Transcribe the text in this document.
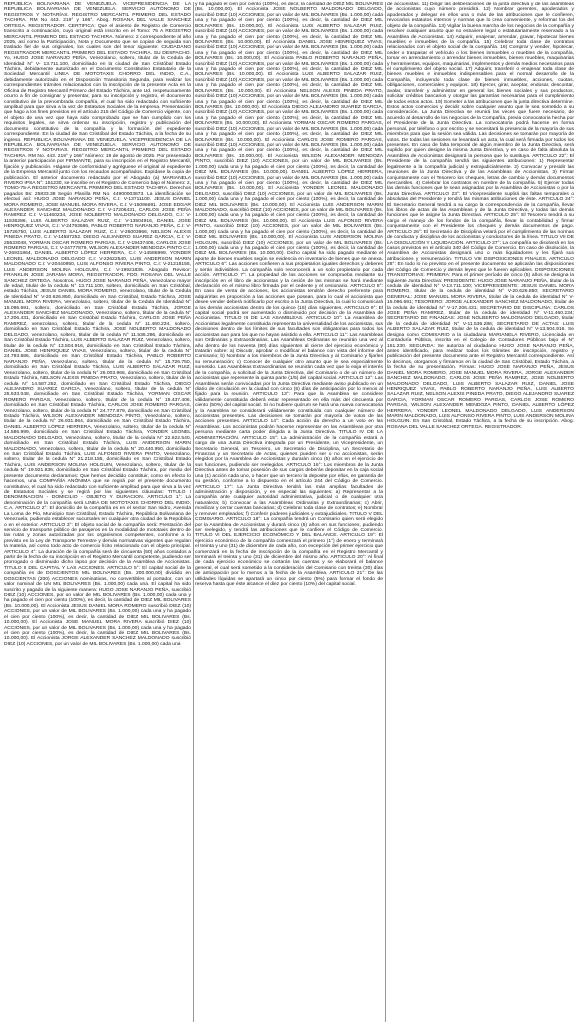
REPUBLICA BOLIVARIANA DE VENEZUELA. VICEPRESIDENCIA DE LA REPUBLICA BOLIVARIANA DE VENEZUELA. SERVICIO AUTÓNOMO DE REGISTROS Y NOTARÍAS. REGISTRO MERCANTIL PRIMERO DEL ESTADO TACHIRA. RM No 443. 219° y 166°. Abog. ROSANA DEL VALLE SANCHEZ ORTEGA. REGISTRADOR. CERTIFICA: Que el asiento de Registro de Comercio transcrito a continuación, cuyo original está inscrito en el Tomo: 75 A REGISTRO MERCANTIL PRIMERO DEL ESTADO TACHIRA. Número: 2 correspondiente al año 2025, así como la Participación, Nota y Documento que se copian de seguida son traslado fiel de sus originales, los cuales son del tenor siguiente: CIUDADANO REGISTRADOR MERCANTIL PRIMERO DEL ESTADO TACHIRA. SU DESPACHO. Yo, HUGO JOSE NARANJO PEÑA, Venezolano, soltero, titular de la Cedula de Identidad N° V- 13.711.100, domiciliado en la ciudad de San Cristóbal Estado Táchira, debidamente autorizado en el Documento Constitutivo Estatutario de la Sociedad Mercantil LINEA DE MOTOTAXIS CHORRO DEL INDIO, C.A., debidamente autorizado en el Disposición Transitoria Segunda, para realizar los correspondientes trámites relacionados con la inscripción de la presente Acta en la Oficina de Registro Mercantil Primero del Estado Táchira, ante Ud. respetuosamente ocurro a fin de consignar y presentar, para su inscripción y registro, el documento constitutivo de la prenombrada compañía, el cual ha sido redactado con suficiente amplitud para que sirva a la vez de Estatutos Sociales de la empresa. Presentación que hago a los fines previstos en el artículo 215 del Código de Comercio vigente, con el objeto de una vez que haya sido comprobado que se han cumplido con los requisitos legales, se sirva ordenar su inscripción, registro y publicación del documento constitutivo de la compañía y la formación del expediente correspondiente. En la ciudad de San Cristóbal del Estado Táchira, a la fecha de su ingreso. REPUBLICA BOLIVARIANA DE VENEZUELA. VICEPRESIDENCIA DE LA REPUBLICA BOLIVARIANA DE VENEZUELA. SERVICIO AUTONOMO DE REGISTROS Y NOTARIAS. REGISTRO MERCANTIL PRIMERO DEL ESTADO TACHIRA. RM No. 443. 219° y 166° Número: 19 de agosto de 2025. Por presentado la anterior participación por FIRMANTE, para su inscripción en el Registro Mercantil, fijación y publicación. Hágase de conformidad y agréguese el original al expediente de la Empresa Mercantil junto con los recaudos acompañados. Expídase la copia de publicación. El anterior documento redactado por el Abogado (a) MARIANELA RIVERO IPSA N°: 151230, se inscribe en el Registro de Comercio bajo el Número: 2, TOMO-75-A REGISTRO MERCANTIL PRIMERO DEL ESTADO TACHIRA. Derechos pagados Bs: 25833.38 Según Planilla RM No. 44900003873. La identificación se efectuó así: HUGO JOSE NARANJO PEÑA, C.I: V-13711100. JESUS DANIEL MORA ROMERO, JOSE MANUEL MORA RIVERA, C.I: V-15096691. JOSE EDGAR ALEXANDER SANCHEZ MALDONADO C.I: V-17206431, CARLOS JOSE PEÑA RAMIREZ C.I: V-11460234, JOSE NOLBERTO MALDONADO DELGADO, C.I: V-11536286, LUIS ALBERTO SALAZAR RUIZ, C.I: V-13504916, DANIEL JOSE HENRIQUEZ VIVAS, C.I: V-24793686, PABLO ROBERTO NARANJO PEÑA, C.I: V-15726750, LUIS ALBERTO SALAZAR RUIZ, C.I: V-26003966, NELSON ALEXIS PINEDA PRATO, C.I: V-14587252. DIEGO ALEJANDRO SUAREZ GARCIA, C.I: V-25533048, YORMAN OSCAR ROMERO PARGAS, C.I: V-19437406, CARLOS JOSE ROMERO PARGAS, C.I: V-24777879, WILSON ALEXANDER MENDOZA PINTO C.I: V-26931864, DANIEL ALBERTO LÓPEZ HERRERA, C.I: V-14586999, YONDER LEONEL MALDONADO DELGADO C.I: V-22622540, LUIS ANDERSON MARIN MALDONADO C.I: V-20440950, LUIS ALFONSO RIVERA PINTO, C.I: V-21218155, LUIS ANDERSON MOLINA HOLGUIN, C.I: V-19921836. Abogado Revisor: FRANKLIN JOSE JARAMA MORA, REGISTRADOR, FDO. ROSANA DEL VALLE SANCHEZ ORTEGA. Nosotros, HUGO JOSE NARANJO PEÑA, Venezolano mayor de edad, titular de la cedula N° 13.711.100, soltero, domiciliado en San Cristóbal, estado Táchira, JESUS DANIEL MORA ROMERO, venezolano, titular de la Cedula de Identidad N° V-20.626.850, domiciliado en San Cristóbal, Estado Táchira, JOSE MANUEL MORA RIVERA, Venezolano, soltero, titular de la Cedula de Identidad N° 15.096.691, soltero, domiciliado en San Cristóbal Estado Táchira, JORGE ALEXANDER SANCHEZ MALDONADO, Venezolano, soltero, titular de la cedula N° 17.206.431, domiciliado en San Cristóbal Estado Táchira, CARLOS JOSE PEÑA RAMIREZ, venezolano, soltero, titular de la cedula N° 11.460.234, soltero, domiciliado en San Cristóbal Estado Táchira, JOSE NOLBERTO MALDONADO DELGADO, venezolano, soltero, titular de la cedula N° 11.536.286, domiciliado en San Cristóbal Estado Táchira, LUIS ALBERTO SALAZAR RUIZ, Venezolano, soltero, titular de la cedula N° 13.504.916, domiciliado en San Cristóbal Estado Táchira, DANIEL JOSE HENRIQUEZ VIVAS, Venezolano, soltero, titular de la cedula N° 24.793.686, domiciliado en San Cristóbal Estado Táchira, PABLO ROBERTO NARANJO PEÑA, Venezolano, soltero, titular de la cedula N° 15.726.750, domiciliado en San Cristóbal Estado Táchira, LUIS ALBERTO SALAZAR RUIZ, Venezolano, soltero, titular de la cedula N° 26.003.966, domiciliado en San Cristóbal Estado Táchira, NELSON ALEXIS PINEDA PRATO, Venezolano, soltero, titular de la cedula N° 14.587.252, domiciliado en San Cristóbal Estado Táchira, DIEGO ALEJANDRO SUAREZ GARCIA, Venezolano, soltero, titular de la cedula N° 25.533.048, domiciliado en San Cristóbal Estado Táchira, YORMAN OSCAR ROMERO PARGAS, Venezolano, soltero, titular de la cedula N° 19.437.406, domiciliado en San Cristóbal Estado Táchira, CARLOS JOSE ROMERO PARGAS, Venezolano, soltero, titular de la cedula N° 24.777.879, domiciliado en San Cristóbal Estado Táchira, WILSON ALEXANDER MENDOZA PINTO, Venezolano, soltero, titular de la cedula N° 26.931.864, domiciliado en San Cristóbal Estado Táchira, DANIEL ALBERTO LÓPEZ HERRERA, Venezolano, soltero, titular de la cedula N° 14.586.999, domiciliado en San Cristóbal Estado Táchira, YONDER LEONEL MALDONADO DELGADO, Venezolano, soltero, titular de la cedula N° 22.622.540, domiciliado en San Cristóbal Estado Táchira, LUIS ANDERSON MARIN MALDONADO, Venezolano, soltero, titular de la cedula N° 20.440.950, domiciliado en San Cristóbal Estado Táchira, LUIS ALFONSO RIVERA PINTO, Venezolano, soltero, titular de la cedula N° 21.218.155, domiciliado en San Cristóbal Estado Táchira, LUIS ANDERSON MOLINA HOLGUIN, Venezolano, soltero, titular de la cedula N° 19.921.836, domiciliado en San Cristóbal Estado Táchira, por medio del presente documento declaramos: Que hemos decidido constituir, como en efecto lo hacemos, una COMPAÑÍA ANÓNIMA que se regirá por el presente documento constitutivo, el cual ha sido redactado con suficiente amplitud para que sirva a la vez de Estatutos Sociales y se regirá por las siguientes cláusulas: TITULO I DENOMINACION - DOMICILIO - OBJETO Y DURACION. ARTICULO 1°: La denominación de la compañía será LINEA DE MOTOTAXIS CHORRO DEL INDIO, C.A. ARTICULO 2°: El domicilio de la compañía es en el sector San Isidro, Avenida La Loma de Pío, Municipio San Cristóbal, Estado Táchira, República Bolivariana de Venezuela, pudiendo establecer sucursales en cualquier otra ciudad de la República o en el exterior. ARTICULO 3°: El objeto social de la compañía será: Prestación del servicio de transporte público de pasajeros en la modalidad de mototaxis dentro de las rutas y zonas autorizadas por los organismos competentes, conforme a lo previsto en la Ley de Transporte Terrestre y demás normativas vigentes que regulan la materia, así como todo acto de comercio lícito relacionado con el objeto principal. ARTICULO 4°: La duración de la compañía será de cincuenta (50) años contados a partir de la fecha de su inscripción en el Registro Mercantil competente, pudiendo ser prorrogado o disminuido dicho lapso por decisión de la Asamblea de Accionistas. TITULO II DEL CAPITAL Y LAS ACCIONES. ARTICULO 5°: El capital social de la compañía es de DOSCIENTOS MIL BOLIVARES (Bs. 200.000,00) dividido en DOSCIENTAS (200) ACCIONES nominativas, no convertibles al portador, con un valor nominal de UN MIL BOLIVARES (Bs. 1.000,00) cada una. El capital ha sido suscrito y pagado de la siguiente manera: HUGO JOSE NARANJO PEÑA, suscribió DIEZ (10) ACCIONES, por un valor de MIL BOLIVARES (Bs. 1.000,00) cada una y ha pagado el cien por ciento (100%), es decir, la cantidad de DIEZ MIL BOLIVARES (Bs. 10.000,00). El Accionista JESUS DANIEL MORA ROMERO suscribió DIEZ (10) ACCIONES, por un valor de MIL BOLIVARES (Bs. 1.000,00) cada una y ha pagado el cien por ciento (100%), es decir, la cantidad de DIEZ MIL BOLIVARES (Bs. 10.000,00). El Accionista JOSE MANUEL MORA RIVERA suscribió DIEZ (10) ACCIONES, por un valor de MIL BOLIVARES (Bs. 1.000,00) cada una y ha pagado el cien por ciento (100%), es decir, la cantidad de DIEZ MIL BOLIVARES (Bs. 10.000,00). El Accionista JORGE ALEXANDER SANCHEZ MALDONADO suscribió DIEZ (10) ACCIONES, por un valor de MIL BOLIVARES (Bs. 1.000,00) cada una

y ha pagado el cien por ciento (100%), es decir, la cantidad de DIEZ MIL BOLIVARES (Bs. 10.000,00). El Accionista JOSE NOLBERTO MALDONADO DELGADO, suscribió DIEZ (10) ACCIONES, por un valor de MIL BOLIVARES (Bs. 1.000,00) cada una y ha pagado el cien por ciento (100%), es decir, la cantidad de DIEZ MIL BOLIVARES (Bs. 10.000,00). El Accionista LUIS ALBERTO SALAZAR RUIZ, suscribió DIEZ (10) ACCIONES, por un valor de MIL BOLIVARES (Bs. 1.000,00) cada una y ha pagado el cien por ciento (100%), es decir, la cantidad de DIEZ MIL BOLIVARES (Bs. 10.000,00). El Accionista DANIEL JOSE HENRIQUEZ VIVAS, suscribió DIEZ (10) ACCIONES, por un valor de MIL BOLIVARES (Bs. 1.000,00) cada una y ha pagado el cien por ciento (100%), es decir, la cantidad de DIEZ MIL BOLIVARES (Bs. 10.000,00). El Accionista PABLO ROBERTO NARANJO PEÑA, suscribió DIEZ (10) ACCIONES, por un valor de MIL BOLIVARES (Bs. 1.000,00) cada una y ha pagado el cien por ciento (100%), es decir, la cantidad de DIEZ MIL BOLIVARES (Bs. 10.000,00). El Accionista LUIS ALBERTO SALAZAR RUIZ, suscribió DIEZ (10) ACCIONES, por un valor de MIL BOLIVARES (Bs. 1.000,00) cada una y ha pagado el cien por ciento (100%), es decir, la cantidad de DIEZ MIL BOLIVARES (Bs. 10.000,00). El Accionista NELSON ALEXIS PINEDA PRATO, suscribió DIEZ (10) ACCIONES, por un valor de MIL BOLIVARES (Bs. 1.000,00) cada una y ha pagado el cien por ciento (100%), es decir, la cantidad de DIEZ MIL BOLIVARES (Bs. 10.000,00). El Accionista DIEGO ALEJANDRO SUAREZ GARCIA, suscribió DIEZ (10) ACCIONES, por un valor de MIL BOLIVARES (Bs. 1.000,00) cada una y ha pagado el cien por ciento (100%), es decir, la cantidad de DIEZ MIL BOLIVARES (Bs. 10.000,00). El Accionista YORMAN OSCAR ROMERO PARGAS, suscribió DIEZ (10) ACCIONES, por un valor de MIL BOLIVARES (Bs. 1.000,00) cada una y ha pagado el cien por ciento (100%), es decir, la cantidad de DIEZ MIL BOLIVARES (Bs. 10.000,00). El Accionista CARLOS JOSE ROMERO PARGAS, suscribió DIEZ (10) ACCIONES, por un valor de MIL BOLIVARES (Bs. 1.000,00) cada una y ha pagado el cien por ciento (100%), es decir, la cantidad de DIEZ MIL BOLIVARES (Bs. 10.000,00). El Accionista WILSON ALEXANDER MENDOZA PINTO, suscribió DIEZ (10) ACCIONES, por un valor de MIL BOLIVARES (Bs. 1.000,00) cada una y ha pagado el cien por ciento (100%), es decir, la cantidad de DIEZ MIL BOLIVARES (Bs. 10.000,00). DANIEL ALBERTO LÓPEZ HERRERA, suscribió DIEZ (10) ACCIONES, por un valor de MIL BOLIVARES (Bs. 1.000,00) cada una y ha pagado el cien por ciento (100%), es decir, la cantidad de DIEZ MIL BOLIVARES (Bs. 10.000,00). El Accionista YONDER LEONEL MALDONADO DELGADO, suscribió DIEZ (10) ACCIONES, por un valor de MIL BOLIVARES (Bs. 1.000,00) cada una y ha pagado el cien por ciento (100%), es decir, la cantidad de DIEZ MIL BOLIVARES (Bs. 10.000,00). El Accionista LUIS ANDERSON MARIN MALDONADO, suscribió DIEZ (10) ACCIONES, por un valor de MIL BOLIVARES (Bs. 1.000,00) cada una y ha pagado el cien por ciento (100%), es decir, la cantidad de DIEZ MIL BOLIVARES (Bs. 10.000,00). El Accionista LUIS ALFONSO RIVERA PINTO, suscribió DIEZ (10) ACCIONES, por un valor de MIL BOLIVARES (Bs. 1.000,00) cada una y ha pagado el cien por ciento (100%), es decir, la cantidad de DIEZ MIL BOLIVARES (Bs. 10.000,00). El Accionista LUIS ANDERSON MOLINA HOLGUIN, suscribió DIEZ (10) ACCIONES, por un valor de MIL BOLIVARES (Bs. 1.000,00) cada una y ha pagado el cien por ciento (100%), es decir, la cantidad de DIEZ MIL BOLIVARES (Bs. 10.000,00). Dicho capital ha sido pagado mediante el aporte de bienes muebles según se evidencia en inventario de bienes que se anexa. ARTICULO 6°: Las acciones confieren a sus propietarios iguales derechos y deberes y serán indivisibles. La compañía solo reconocerá a un solo propietario por cada acción. ARTICULO 7°: La propiedad de las acciones se comprueba mediante su inscripción en el libro de accionistas y la cesión de las mismas se hará mediante declaración en el mismo libro firmada por el cedente y el cesionario. ARTICULO 8°: En caso de venta de acciones, los accionistas tendrán derecho preferente para adquirirlas en proporción a las acciones que posean, para lo cual el accionista que desee vender deberá notificarlo por escrito a la Junta Directiva, la cual lo comunicará a los demás accionistas dentro de los quince (15) días siguientes. ARTICULO 9°: El capital social podrá ser aumentado o disminuido por decisión de la Asamblea de Accionistas. TITULO III DE LAS ASAMBLEAS. ARTICULO 10°: La Asamblea de Accionistas legalmente constituida representa la universalidad de los accionistas, sus decisiones dentro de los límites de sus facultades son obligatorias para todos los accionistas aun para los que no hayan asistido a ella. ARTICULO 11°: Las Asambleas son Ordinarias y Extraordinarias. Las Asambleas Ordinarias se reunirán una vez al año dentro de los noventa (90) días siguientes al cierre del ejercicio económico y tratarán sobre: a) Discutir, aprobar o modificar el balance con vista del informe del Comisario; b) Nombrar a los miembros de la Junta Directiva y al Comisario y fijarles su remuneración; c) Conocer de cualquier otro asunto que le sea especialmente sometido. Las Asambleas Extraordinarias se reunirán cada vez que lo exija el interés de la compañía, a solicitud de la Junta Directiva, del Comisario o de un número de accionistas que represente la quinta parte (1/5) del capital social. ARTICULO 12°: Las Asambleas serán convocadas por la Junta Directiva mediante aviso publicado en un diario de circulación en la ciudad con cinco (5) días de anticipación por lo menos al fijado para la reunión. ARTICULO 13°: Para que la Asamblea se considere válidamente constituida deberá estar representado en ella más del cincuenta por ciento (50%) del capital social. Si no hubiere quórum se hará una nueva convocatoria y la Asamblea se considerará válidamente constituida con cualquier número de accionistas presentes. Las decisiones se tomarán por mayoría de votos de las acciones presentes. ARTICULO 14°: Cada acción da derecho a un voto en las Asambleas. Los accionistas podrán hacerse representar en las Asambleas por otra persona mediante carta poder dirigida a la Junta Directiva. TITULO IV DE LA ADMINISTRACIÓN. ARTICULO 15°: La administración de la compañía estará a cargo de una Junta Directiva integrada por un Presidente, un Vicepresidente, un Secretario General, un Tesorero, un Secretario de Disciplina, un Secretario de Finanzas y un Secretario de Actas, quienes pueden ser o no accionistas, serán elegidos por la Asamblea de Accionistas y durarán cinco (5) años en el ejercicio de sus funciones, pudiendo ser reelegidos. ARTICULO 16°: Los miembros de la Junta Directiva antes de tomar posesión de sus cargos deberán depositar en la caja social una (1) acción cada uno, o hacer que un tercero la deposite por ellos, en garantía de su gestión, conforme a lo dispuesto en el artículo 244 del Código de Comercio. ARTICULO 17°: La Junta Directiva tendrá las más amplias facultades de administración y disposición, y en especial las siguientes: a) Representar a la compañía ante cualquier autoridad administrativa, judicial o de cualquier otra naturaleza; b) Convocar a las Asambleas Ordinarias y Extraordinarias; c) Abrir, movilizar y cerrar cuentas bancarias; d) Celebrar toda clase de contratos; e) Nombrar y remover empleados; f) Conferir poderes judiciales y extrajudiciales. TITULO V DEL COMISARIO. ARTICULO 18°: La compañía tendrá un Comisario quien será elegido por la Asamblea de Accionistas y durará cinco (5) años en sus funciones, pudiendo ser reelegido, y tendrá las atribuciones que le confiere el Código de Comercio. TITULO VI DEL EJERCICIO ECONÓMICO Y DEL BALANCE. ARTICULO 19°: El ejercicio económico de la compañía comenzará el primero (1°) de enero y terminará el treinta y uno (31) de diciembre de cada año, con excepción del primer ejercicio que comenzará en la fecha de inscripción de la compañía en el Registro Mercantil y terminará el treinta y uno (31) de diciembre del mismo año. ARTICULO 20°: Al final de cada ejercicio económico se cortarán las cuentas y se elaborará el balance general, el cual será sometido a la consideración del Comisario con treinta (30) días de anticipación por lo menos a la fecha de la Asamblea. ARTICULO 21°: De las utilidades líquidas se apartará un cinco por ciento (5%) para formar el fondo de reserva hasta que éste alcance el diez por ciento (10%) del capital social.

de accionistas. 11) Dirigir las deliberaciones de la junta directiva y de las asambleas de accionistas cuyo número presidirá. 12) Nombrar gerentes, apoderados y apoderados y delegar en ellos una o más de las atribuciones que le confieren, revocarlos estatutos internos y normas que lo crea conveniente, y reformar los del objeto de la compañía. 13) Vigilar la buena marcha de los negocios de la compañía y resolver cualquier asunto que no estuviere legal o estatutariamente reservado a la Asamblea de Accionistas. 14) Adquirir, enajenar, arrendar, gravar, hipotecar bienes muebles e inmuebles de la compañía. 15) Celebrar toda clase de contratos relacionados con el objeto social de la compañía. 16) Comprar y vender, hipotecar, ceder o traspasar el vehículo o los bienes inmuebles o muebles de la compañía, tomar en arrendamiento o arrendar bienes inmuebles, bienes muebles, maquinarias y herramientas, equipos, maquinarias, implementos y demás medios necesarios para el cumplimiento del objeto social. 17) Adquirir, transferir o enajenar toda clase de bienes muebles e inmuebles indispensables para el normal desarrollo de la Compañía, incluyendo toda clase de bienes inmuebles, acciones, cuotas, obligaciones, comerciales y equipos. 18) Ejercer, girar, aceptar, endosar, descontar, avalar, transferir y administrar en general los bienes sociales y sus productos, solicitar créditos bancarios y otorgar las garantías necesarias para el cumplimiento de todos estos actos. 19) Someter a las atribuciones que la junta directiva determine. Estos actos comercios y decidir sobre cualquier asunto que le sea sometido a su consideración. La Junta Directiva se reunirá las veces que fuere necesario, de acuerdo al desarrollo de los negocios de la Compañía, previa convocatoria hecha por el Presidente de la Junta Directiva. La convocatoria podrá hacerse en forma personal, por teléfono o por escrito y se necesitará la presencia de la mayoría de sus miembros para que la sesión sea válida. Las decisiones se tomarán por mayoría de votos. De todas las sesiones se levantará un acta, la cual será firmada por todos los presentes. En caso de falta temporal de algún miembro de la Junta Directiva, será suplido por quien designe la misma Junta Directiva, y en caso de falta absoluta la Asamblea de Accionistas designará la persona que lo sustituya. ARTICULO 22°: El Presidente de la compañía tendrá las siguientes atribuciones: 1) Representar legalmente a la compañía judicial y extrajudicialmente. 2) Convocar y presidir las reuniones de la Junta Directiva y de las Asambleas de Accionistas. 3) Firmar conjuntamente con el Tesorero los cheques, letras de cambio y demás documentos mercantiles. 4) Celebrar los contratos en nombre de la compañía. 5) Ejercer todas las demás funciones que le sean asignadas por la Asamblea de Accionistas o por la Junta Directiva. ARTICULO 23°: El Vicepresidente suplirá las faltas temporales o absolutas del Presidente y tendrá las mismas atribuciones de éste. ARTICULO 24°: El Secretario General tendrá a su cargo la correspondencia de la compañía, llevar los libros de actas de las Asambleas y de la Junta Directiva, y todas las demás funciones que le asigne la Junta Directiva. ARTICULO 25°: El Tesorero tendrá a su cargo el manejo de los fondos de la compañía, llevar la contabilidad y firmar conjuntamente con el Presidente los cheques y demás documentos de pago. ARTICULO 26°: El Secretario de Disciplina velará por el cumplimiento de las normas de conducta y disciplina de los accionistas y conductores de la línea. TITULO VII DE LA DISOLUCIÓN Y LIQUIDACIÓN. ARTICULO 27°: La compañía se disolverá en los casos previstos en el artículo 340 del Código de Comercio. En caso de disolución, la Asamblea de Accionistas designará uno o más liquidadores y les fijará sus atribuciones y remuneración. TITULO VIII DISPOSICIONES FINALES. ARTICULO 28°: En todo lo no previsto en el presente documento se aplicarán las disposiciones del Código de Comercio y demás leyes que le fueren aplicables. DISPOSICIONES TRANSITORIAS: PRIMERA: Para el primer período de cinco (5) años se designa la siguiente Junta Directiva: PRESIDENTE: HUGO JOSE NARANJO PEÑA, titular de la cedula de identidad N° V-13.711.100; VICEPRESIDENTE: JESUS DANIEL MORA ROMERO, titular de la cedula de identidad N° V-20.626.850; SECRETARIO GENERAL: JOSE MANUEL MORA RIVERA, titular de la cedula de identidad N° V-15.096.691; TESORERO: JORGE ALEXANDER SANCHEZ MALDONADO, titular de la cedula de identidad N° V-17.206.431; SECRETARIO DE DISCIPLINA: CARLOS JOSE PEÑA RAMIREZ, titular de la cedula de identidad N° V-11.460.234; SECRETARIO DE FINANZAS: JOSE NOLBERTO MALDONADO DELGADO, titular de la cedula de identidad N° V-11.536.286; SECRETARIO DE ACTAS: LUIS ALBERTO SALAZAR RUIZ, titular de la cedula de identidad N° V-13.504.916. Se designa como COMISARIO a la ciudadana MARIANELA RIVERO, Licenciada en Contaduría Pública, inscrita en el Colegio de Contadores Públicos bajo el N° 151.230. SEGUNDA: Se autoriza al ciudadano HUGO JOSE NARANJO PEÑA, antes identificado, para realizar todos los trámites de inscripción, registro y publicación del presente documento ante el Registro Mercantil correspondiente. Así lo decimos, otorgamos y firmamos en la ciudad de San Cristóbal, Estado Táchira, a la fecha de su presentación. Firmas: HUGO JOSE NARANJO PEÑA, JESUS DANIEL MORA ROMERO, JOSE MANUEL MORA RIVERA, JORGE ALEXANDER SANCHEZ MALDONADO, CARLOS JOSE PEÑA RAMIREZ, JOSE NOLBERTO MALDONADO DELGADO, LUIS ALBERTO SALAZAR RUIZ, DANIEL JOSE HENRIQUEZ VIVAS, PABLO ROBERTO NARANJO PEÑA, LUIS ALBERTO SALAZAR RUIZ, NELSON ALEXIS PINEDA PRATO, DIEGO ALEJANDRO SUAREZ GARCIA, YORMAN OSCAR ROMERO PARGAS, CARLOS JOSE ROMERO PARGAS, WILSON ALEXANDER MENDOZA PINTO, DANIEL ALBERTO LÓPEZ HERRERA, YONDER LEONEL MALDONADO DELGADO, LUIS ANDERSON MARIN MALDONADO, LUIS ALFONSO RIVERA PINTO, LUIS ANDERSON MOLINA HOLGUIN. En San Cristóbal, Estado Táchira, a la fecha de su inscripción. Abog. ROSANA DEL VALLE SANCHEZ ORTEGA. REGISTRADOR.
